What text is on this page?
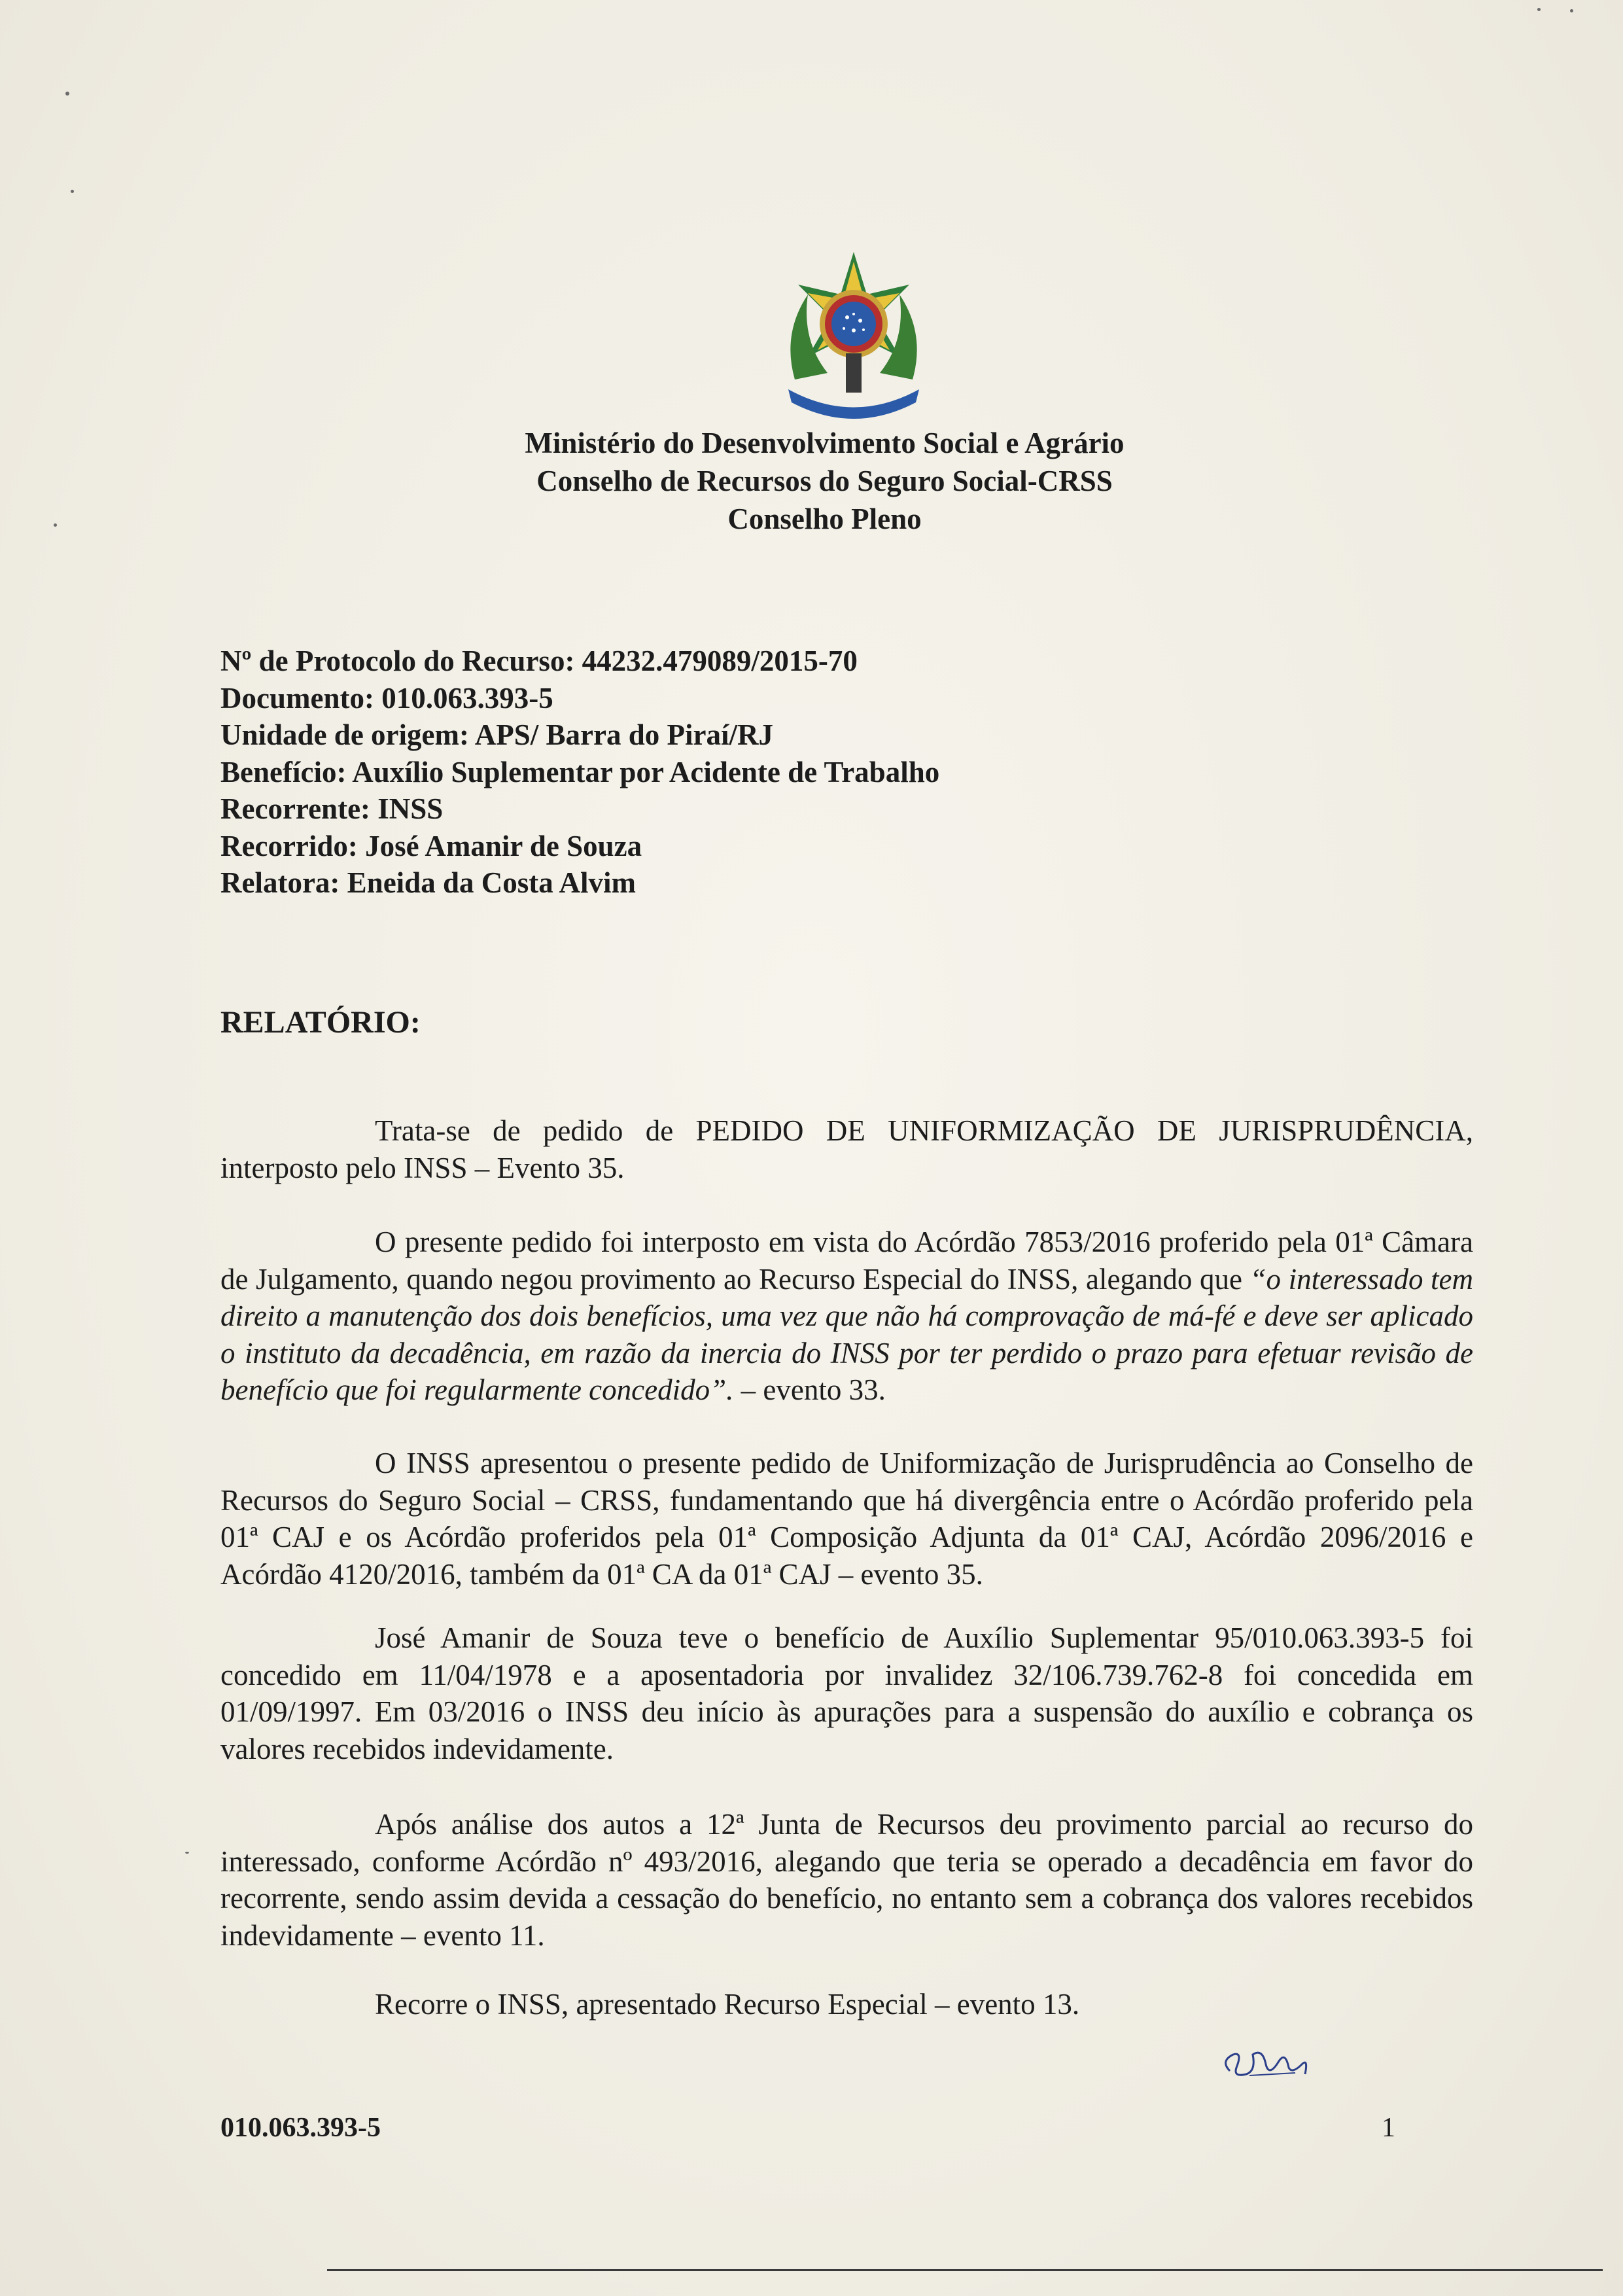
Ministério do Desenvolvimento Social e Agrário
Conselho de Recursos do Seguro Social-CRSS
Conselho Pleno
Nº de Protocolo do Recurso: 44232.479089/2015-70
Documento: 010.063.393-5
Unidade de origem: APS/ Barra do Piraí/RJ
Benefício: Auxílio Suplementar por Acidente de Trabalho
Recorrente: INSS
Recorrido: José Amanir de Souza
Relatora: Eneida da Costa Alvim
RELATÓRIO:

Trata-se de pedido de PEDIDO DE UNIFORMIZAÇÃO DE JURISPRUDÊNCIA, interposto pelo INSS – Evento 35.

O presente pedido foi interposto em vista do Acórdão 7853/2016 proferido pela 01ª Câmara de Julgamento, quando negou provimento ao Recurso Especial do INSS, alegando que “o interessado tem direito a manutenção dos dois benefícios, uma vez que não há comprovação de má-fé e deve ser aplicado o instituto da decadência, em razão da inercia do INSS por ter perdido o prazo para efetuar revisão de benefício que foi regularmente concedido”. – evento 33.

O INSS apresentou o presente pedido de Uniformização de Jurisprudência ao Conselho de Recursos do Seguro Social – CRSS, fundamentando que há divergência entre o Acórdão proferido pela 01ª CAJ e os Acórdão proferidos pela 01ª Composição Adjunta da 01ª CAJ, Acórdão 2096/2016 e Acórdão 4120/2016, também da 01ª CA da 01ª CAJ – evento 35.

José Amanir de Souza teve o benefício de Auxílio Suplementar 95/010.063.393-5 foi concedido em 11/04/1978 e a aposentadoria por invalidez 32/106.739.762-8 foi concedida em 01/09/1997. Em 03/2016 o INSS deu início às apurações para a suspensão do auxílio e cobrança os valores recebidos indevidamente.

Após análise dos autos a 12ª Junta de Recursos deu provimento parcial ao recurso do interessado, conforme Acórdão nº 493/2016, alegando que teria se operado a decadência em favor do recorrente, sendo assim devida a cessação do benefício, no entanto sem a cobrança dos valores recebidos indevidamente – evento 11.

Recorre o INSS, apresentado Recurso Especial – evento 13.

010.063.393-5	1
